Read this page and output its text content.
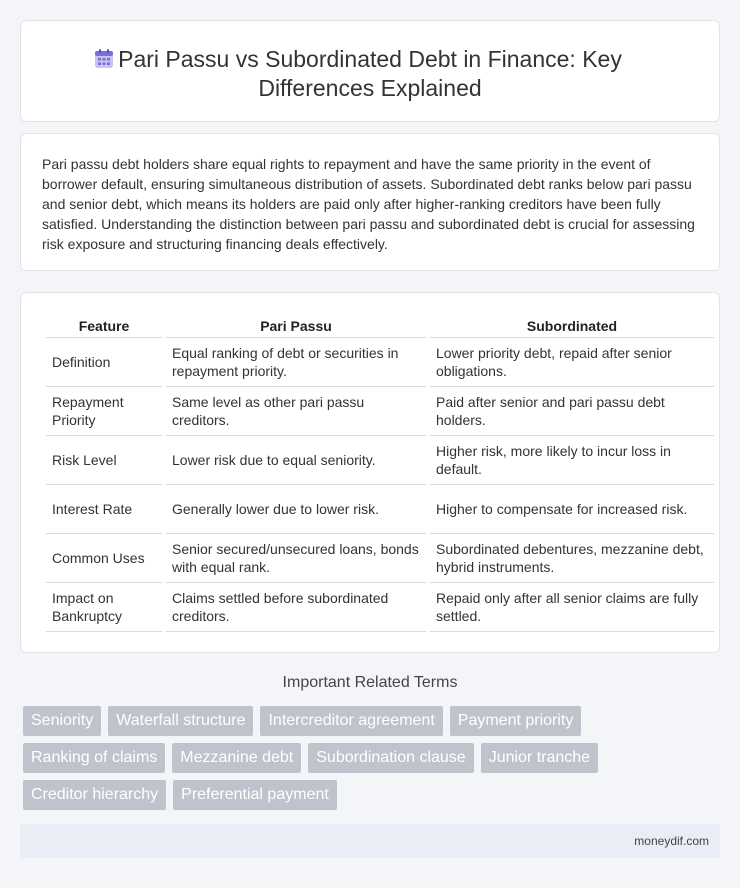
Pari Passu vs Subordinated Debt in Finance: Key Differences Explained

Pari passu debt holders share equal rights to repayment and have the same priority in the event of borrower default, ensuring simultaneous distribution of assets. Subordinated debt ranks below pari passu and senior debt, which means its holders are paid only after higher-ranking creditors have been fully satisfied. Understanding the distinction between pari passu and subordinated debt is crucial for assessing risk exposure and structuring financing deals effectively.

Feature	Pari Passu	Subordinated
Definition	Equal ranking of debt or securities in repayment priority.	Lower priority debt, repaid after senior obligations.
Repayment Priority	Same level as other pari passu creditors.	Paid after senior and pari passu debt holders.
Risk Level	Lower risk due to equal seniority.	Higher risk, more likely to incur loss in default.
Interest Rate	Generally lower due to lower risk.	Higher to compensate for increased risk.
Common Uses	Senior secured/unsecured loans, bonds with equal rank.	Subordinated debentures, mezzanine debt, hybrid instruments.
Impact on Bankruptcy	Claims settled before subordinated creditors.	Repaid only after all senior claims are fully settled.
Important Related Terms
Seniority	Waterfall structure	Intercreditor agreement	Payment priority
Ranking of claims	Mezzanine debt	Subordination clause	Junior tranche
Creditor hierarchy	Preferential payment
moneydif.com
